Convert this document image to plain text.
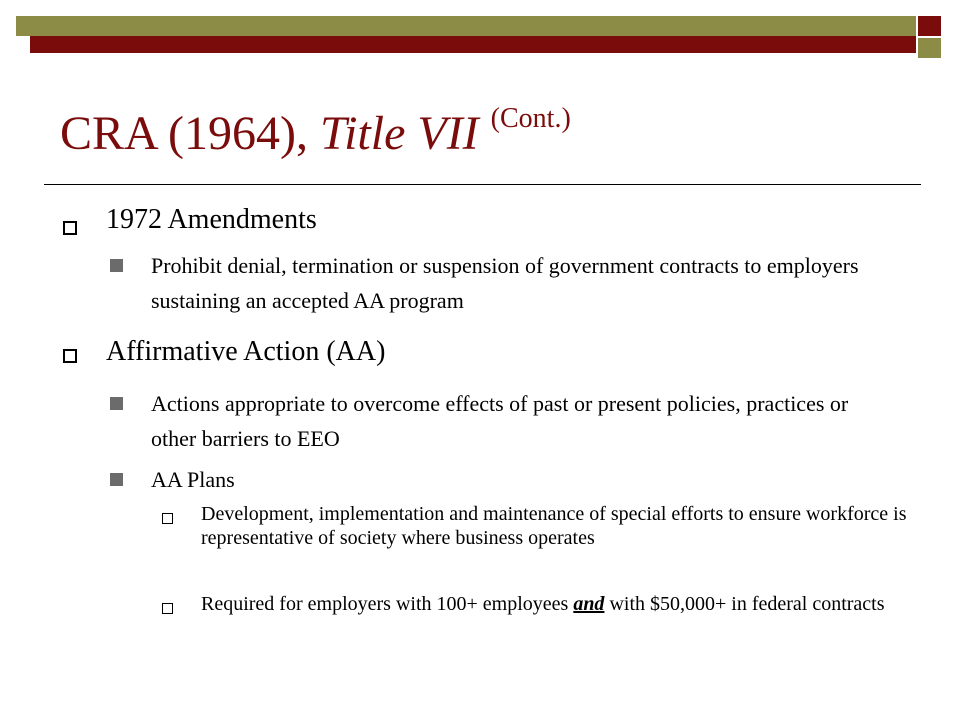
CRA (1964), Title VII $^{(Cont.)}$
1972 Amendments
Prohibit denial, termination or suspension of government contracts to employers sustaining an accepted AA program
Affirmative Action (AA)
Actions appropriate to overcome effects of past or present policies, practices or other barriers to EEO
AA Plans
Development, implementation and maintenance of special efforts to ensure workforce is representative of society where business operates
Required for employers with 100+ employees and with $50,000+ in federal contracts
